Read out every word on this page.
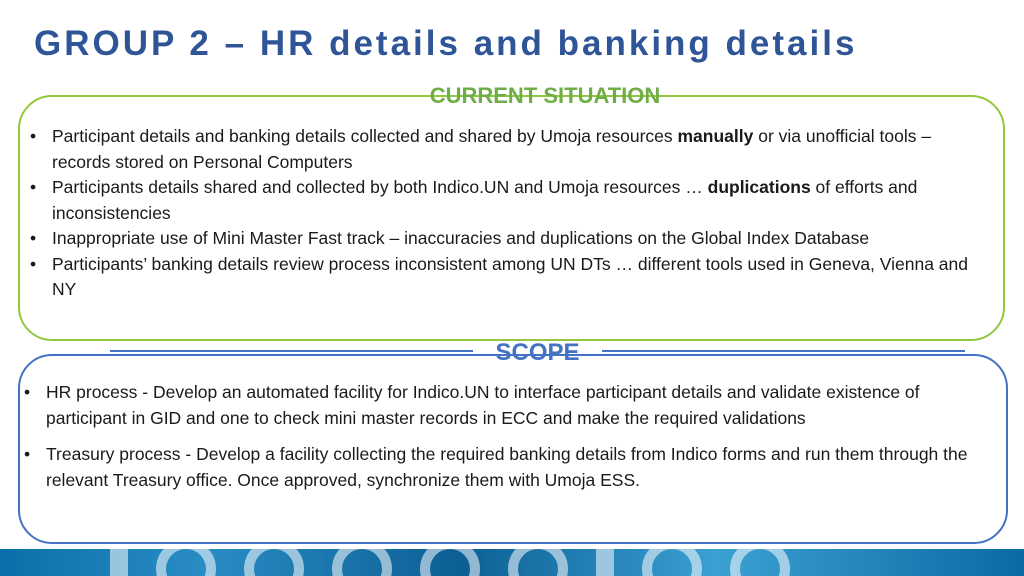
GROUP 2 – HR details and banking details
CURRENT SITUATION
• Participant details and banking details collected and shared by Umoja resources manually or via unofficial tools – records stored on Personal Computers
• Participants details shared and collected by both Indico.UN and Umoja resources … duplications of efforts and inconsistencies
• Inappropriate use of Mini Master Fast track – inaccuracies and duplications on the Global Index Database
• Participants’ banking details review process inconsistent among UN DTs … different tools used in Geneva, Vienna and NY
SCOPE
• HR process - Develop an automated facility for Indico.UN to interface participant details and validate existence of participant in GID and one to check mini master records in ECC and make the required validations
• Treasury process - Develop a facility collecting the required banking details from Indico forms and run them through the relevant Treasury office. Once approved, synchronize them with Umoja ESS.
